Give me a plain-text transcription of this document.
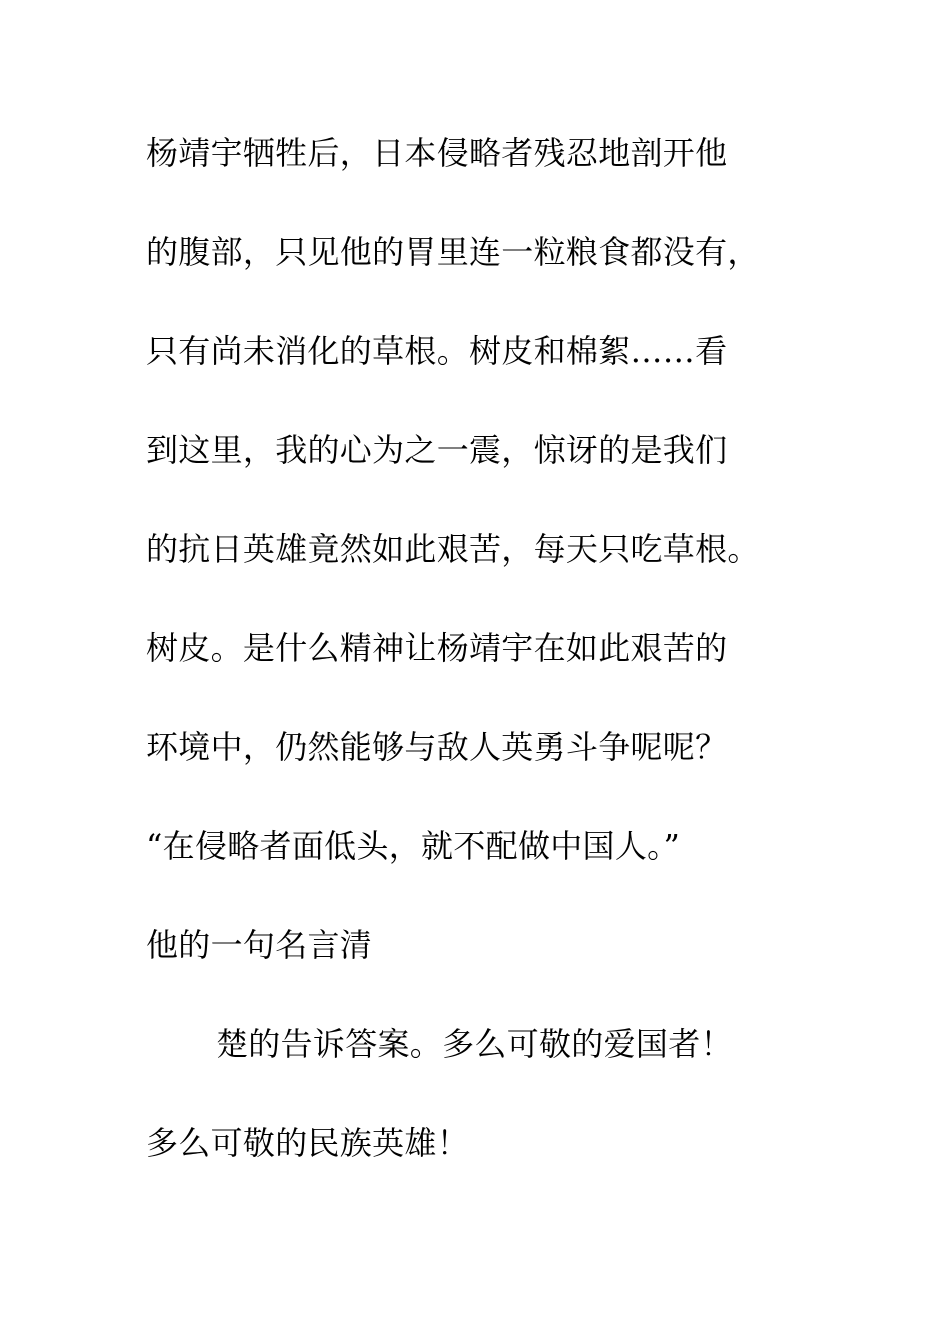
杨靖宇牺牲后，日本侵略者残忍地剖开他
的腹部，只见他的胃里连一粒粮食都没有，
只有尚未消化的草根。树皮和棉絮……看
到这里，我的心为之一震，惊讶的是我们
的抗日英雄竟然如此艰苦，每天只吃草根。
树皮。是什么精神让杨靖宇在如此艰苦的
环境中，仍然能够与敌人英勇斗争呢呢？
“在侵略者面低头，就不配做中国人。”
他的一句名言清
楚的告诉答案。多么可敬的爱国者！
多么可敬的民族英雄！
